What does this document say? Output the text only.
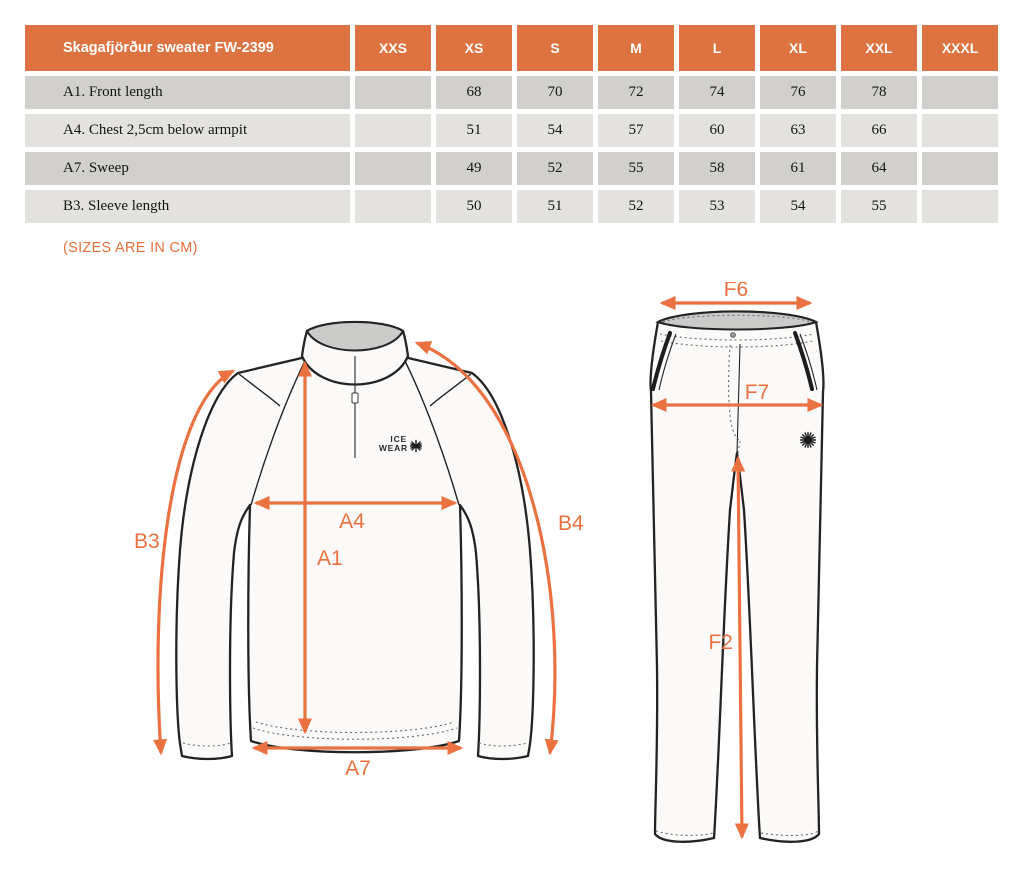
Skagafjörður sweater FW-2399	XXS	XS	S	M	L	XL	XXL	XXXL
A1. Front length		68	70	72	74	76	78	
A4. Chest 2,5cm below armpit		51	54	57	60	63	66	
A7. Sweep		49	52	55	58	61	64	
B3. Sleeve length		50	51	52	53	54	55	
(SIZES ARE IN CM)
ICE
WEAR
B3
B4
A1
A4
A7
F6
F7
F2
